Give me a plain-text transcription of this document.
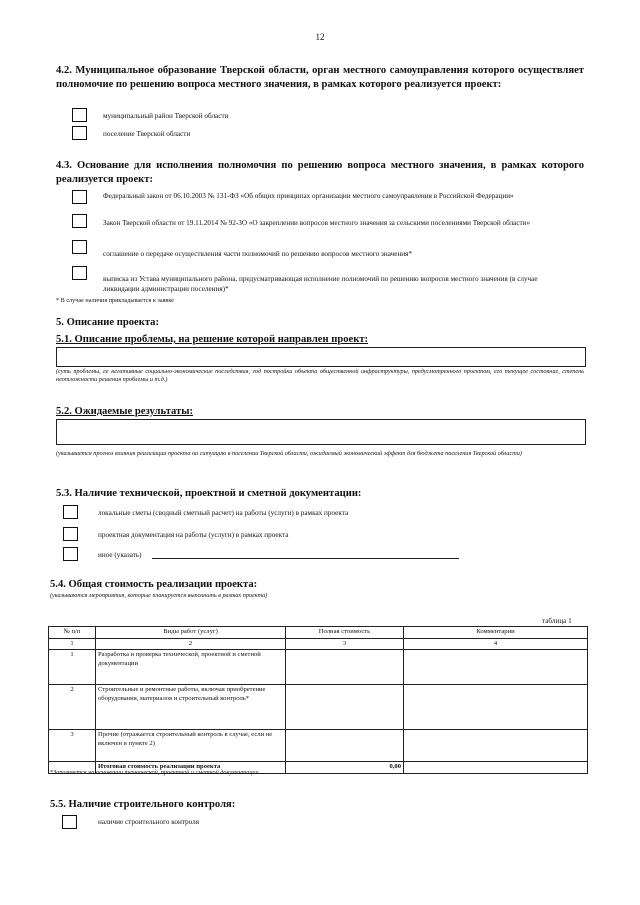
12
4.2. Муниципальное образование Тверской области, орган местного самоуправления которого осуществляет полномочие по решению вопроса местного значения, в рамках которого реализуется проект:
муниципальный район Тверской области
поселение Тверской области
4.3. Основание для исполнения полномочия по решению вопроса местного значения, в рамках которого реализуется проект:
Федеральный закон от 06.10.2003 № 131-ФЗ «Об общих принципах организации местного самоуправления в Российской Федерации»
Закон Тверской области от 19.11.2014 № 92-ЗО «О закреплении вопросов местного значения за сельскими поселениями Тверской области»
соглашение о передаче осуществления части полномочий по решению вопросов местного значения*
выписка из Устава муниципального района, предусматривающая исполнение полномочий по решению вопросов местного значения (в случае ликвидации администрации поселения)*
* В случае наличия прикладывается к заявке
5. Описание проекта:
5.1. Описание проблемы, на решение которой направлен проект:
(суть проблемы, ее негативные социально-экономические последствия, год постройки объекта общественной инфраструктуры, предусмотренного проектом, его текущее состояние, степень неотложности решения проблемы и т.д.)
5.2. Ожидаемые результаты:
(указывается прогноз влияния реализации проекта на ситуацию в поселении Тверской области, ожидаемый экономический эффект для бюджета поселения Тверской области)
5.3. Наличие технической, проектной и сметной документации:
локальные сметы (сводный сметный расчет) на работы (услуги) в рамках проекта
проектная документация на работы (услуги) в рамках проекта
иное (указать)
5.4. Общая стоимость реализации проекта:
(указываются мероприятия, которые планируется выполнить в рамках проекта)
таблица 1
№ п/п	Виды работ (услуг)	Полная стоимость	Комментарии
1	2	3	4
1	Разработка и проверка технической, проектной и сметной документации		
2	Строительные и ремонтные работы, включая приобретение оборудования, материалов и строительный контроль*		
3	Прочие (отражается строительный контроль в случае, если не включен в пункте 2)		
	Итоговая стоимость реализации проекта	0,00	
*Заполняется на основании технической, проектной и сметной документации
5.5. Наличие строительного контроля:
наличие строительного контроля
